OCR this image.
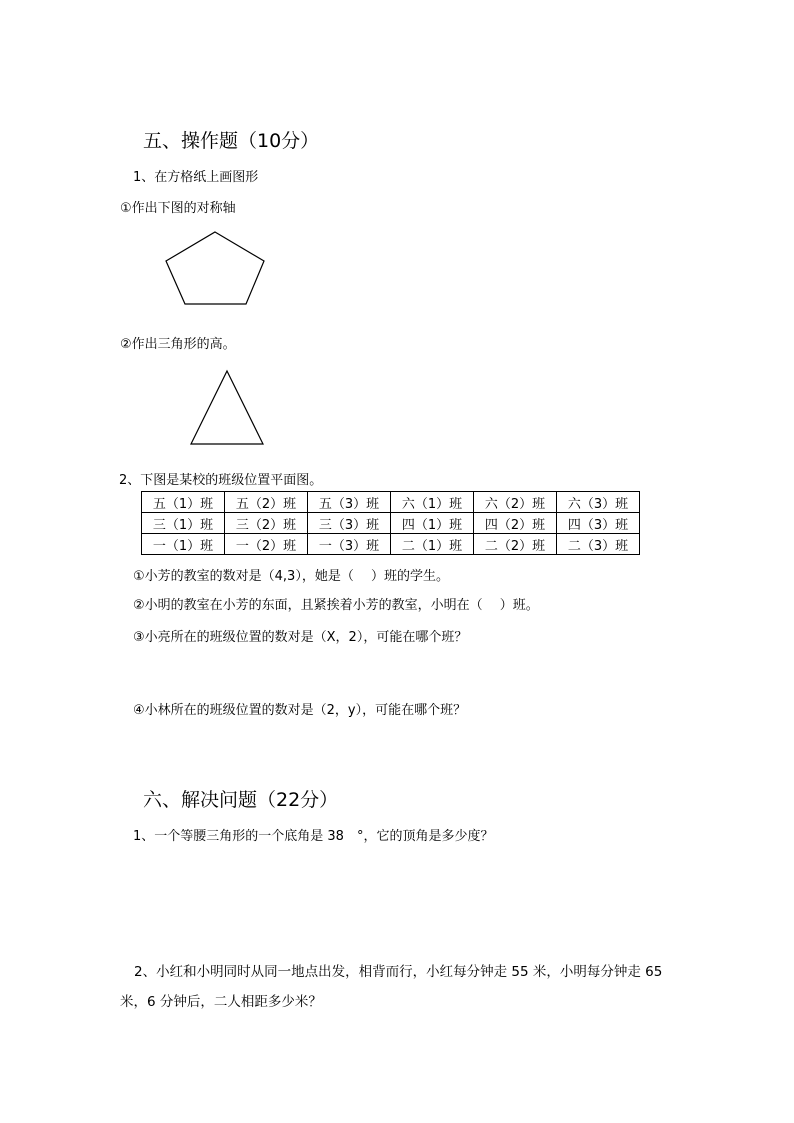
五、操作题（10分）
1、在方格纸上画图形
①作出下图的对称轴
②作出三角形的高。
2、下图是某校的班级位置平面图。
五（1）班	五（2）班	五（3）班	六（1）班	六（2）班	六（3）班
三（1）班	三（2）班	三（3）班	四（1）班	四（2）班	四（3）班
一（1）班	一（2）班	一（3）班	二（1）班	二（2）班	二（3）班
①小芳的教室的数对是（4,3），她是（　 ）班的学生。
②小明的教室在小芳的东面，且紧挨着小芳的教室，小明在（　 ）班。
③小亮所在的班级位置的数对是（X，2），可能在哪个班？
④小林所在的班级位置的数对是（2，y），可能在哪个班？
六、解决问题（22分）
1、一个等腰三角形的一个底角是 38　°，它的顶角是多少度？
2、小红和小明同时从同一地点出发，相背而行，小红每分钟走 55 米，小明每分钟走 65
米，6 分钟后，二人相距多少米？
